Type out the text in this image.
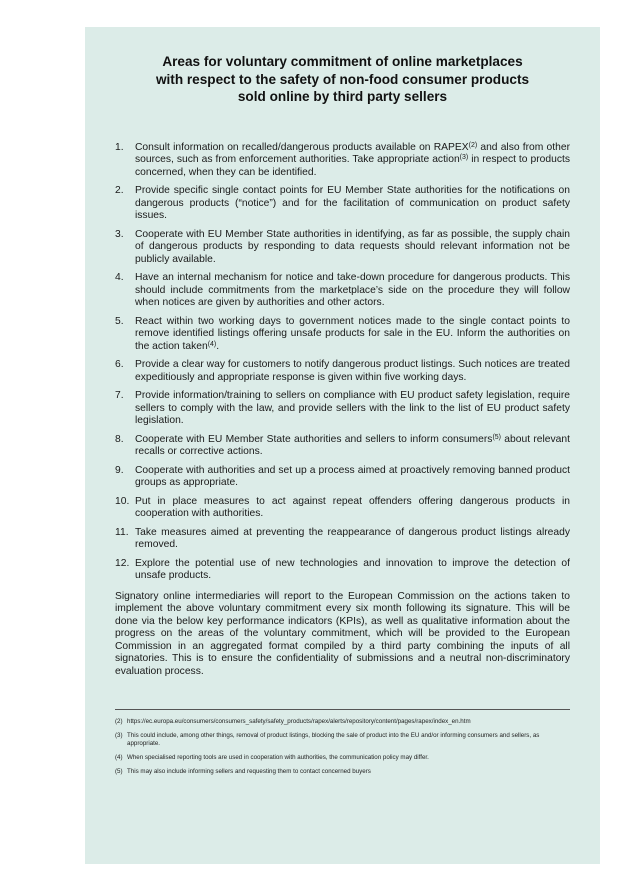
Areas for voluntary commitment of online marketplaces
with respect to the safety of non-food consumer products
sold online by third party sellers
1. Consult information on recalled/dangerous products available on RAPEX$^{(2)}$ and also from other sources, such as from enforcement authorities. Take appropriate action$^{(3)}$ in respect to products concerned, when they can be identified.
2. Provide specific single contact points for EU Member State authorities for the notifications on dangerous products (“notice”) and for the facilitation of communication on product safety issues.
3. Cooperate with EU Member State authorities in identifying, as far as possible, the supply chain of dangerous products by responding to data requests should relevant information not be publicly available.
4. Have an internal mechanism for notice and take-down procedure for dangerous products. This should include commitments from the marketplace’s side on the procedure they will follow when notices are given by authorities and other actors.
5. React within two working days to government notices made to the single contact points to remove identified listings offering unsafe products for sale in the EU. Inform the authorities on the action taken$^{(4)}$.
6. Provide a clear way for customers to notify dangerous product listings. Such notices are treated expeditiously and appropriate response is given within five working days.
7. Provide information/training to sellers on compliance with EU product safety legislation, require sellers to comply with the law, and provide sellers with the link to the list of EU product safety legislation.
8. Cooperate with EU Member State authorities and sellers to inform consumers$^{(5)}$ about relevant recalls or corrective actions.
9. Cooperate with authorities and set up a process aimed at proactively removing banned product groups as appropriate.
10. Put in place measures to act against repeat offenders offering dangerous products in cooperation with authorities.
11. Take measures aimed at preventing the reappearance of dangerous product listings already removed.
12. Explore the potential use of new technologies and innovation to improve the detection of unsafe products.

Signatory online intermediaries will report to the European Commission on the actions taken to implement the above voluntary commitment every six month following its signature. This will be done via the below key performance indicators (KPIs), as well as qualitative information about the progress on the areas of the voluntary commitment, which will be provided to the European Commission in an aggregated format compiled by a third party combining the inputs of all signatories. This is to ensure the confidentiality of submissions and a neutral non-discriminatory evaluation process.

(2) https://ec.europa.eu/consumers/consumers_safety/safety_products/rapex/alerts/repository/content/pages/rapex/index_en.htm
(3) This could include, among other things, removal of product listings, blocking the sale of product into the EU and/or informing consumers and sellers, as appropriate.
(4) When specialised reporting tools are used in cooperation with authorities, the communication policy may differ.
(5) This may also include informing sellers and requesting them to contact concerned buyers
